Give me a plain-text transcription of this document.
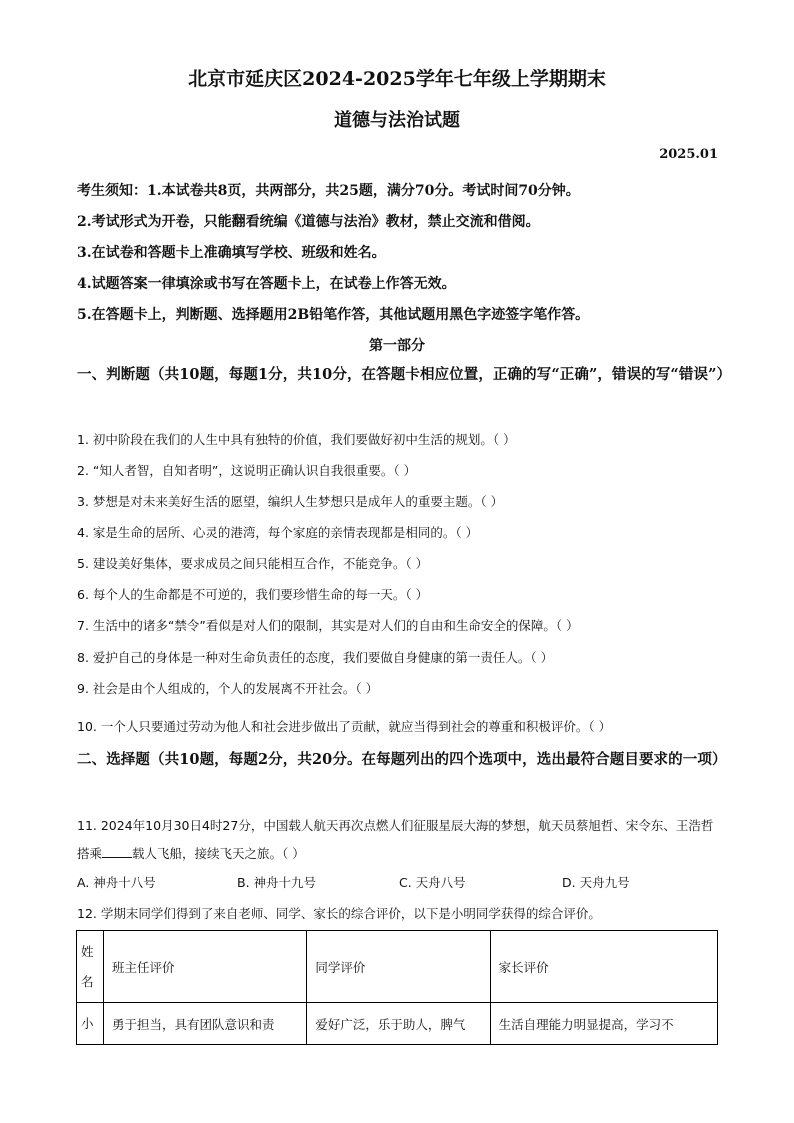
北京市延庆区2024-2025学年七年级上学期期末
道德与法治试题
2025.01
考生须知：1.本试卷共8页，共两部分，共25题，满分70分。考试时间70分钟。
2.考试形式为开卷，只能翻看统编《道德与法治》教材，禁止交流和借阅。
3.在试卷和答题卡上准确填写学校、班级和姓名。
4.试题答案一律填涂或书写在答题卡上，在试卷上作答无效。
5.在答题卡上，判断题、选择题用2B铅笔作答，其他试题用黑色字迹签字笔作答。
第一部分
一、判断题（共10题，每题1分，共10分，在答题卡相应位置，正确的写“正确”，错误的写“错误”）
1. 初中阶段在我们的人生中具有独特的价值，我们要做好初中生活的规划。（ ）
2. “知人者智，自知者明”，这说明正确认识自我很重要。（ ）
3. 梦想是对未来美好生活的愿望，编织人生梦想只是成年人的重要主题。（ ）
4. 家是生命的居所、心灵的港湾，每个家庭的亲情表现都是相同的。（ ）
5. 建设美好集体，要求成员之间只能相互合作，不能竞争。（ ）
6. 每个人的生命都是不可逆的，我们要珍惜生命的每一天。（ ）
7. 生活中的诸多“禁令”看似是对人们的限制，其实是对人们的自由和生命安全的保障。（ ）
8. 爱护自己的身体是一种对生命负责任的态度，我们要做自身健康的第一责任人。（ ）
9. 社会是由个人组成的，个人的发展离不开社会。（ ）
10. 一个人只要通过劳动为他人和社会进步做出了贡献，就应当得到社会的尊重和积极评价。（ ）
二、选择题（共10题，每题2分，共20分。在每题列出的四个选项中，选出最符合题目要求的一项）
11. 2024年10月30日4时27分，中国载人航天再次点燃人们征服星辰大海的梦想，航天员蔡旭哲、宋令东、王浩哲搭乘 载人飞船，接续飞天之旅。（ ）
A. 神舟十八号	B. 神舟十九号	C. 天舟八号	D. 天舟九号
12. 学期末同学们得到了来自老师、同学、家长的综合评价，以下是小明同学获得的综合评价。
姓名	班主任评价	同学评价	家长评价
小	勇于担当，具有团队意识和责	爱好广泛，乐于助人，脾气	生活自理能力明显提高，学习不
